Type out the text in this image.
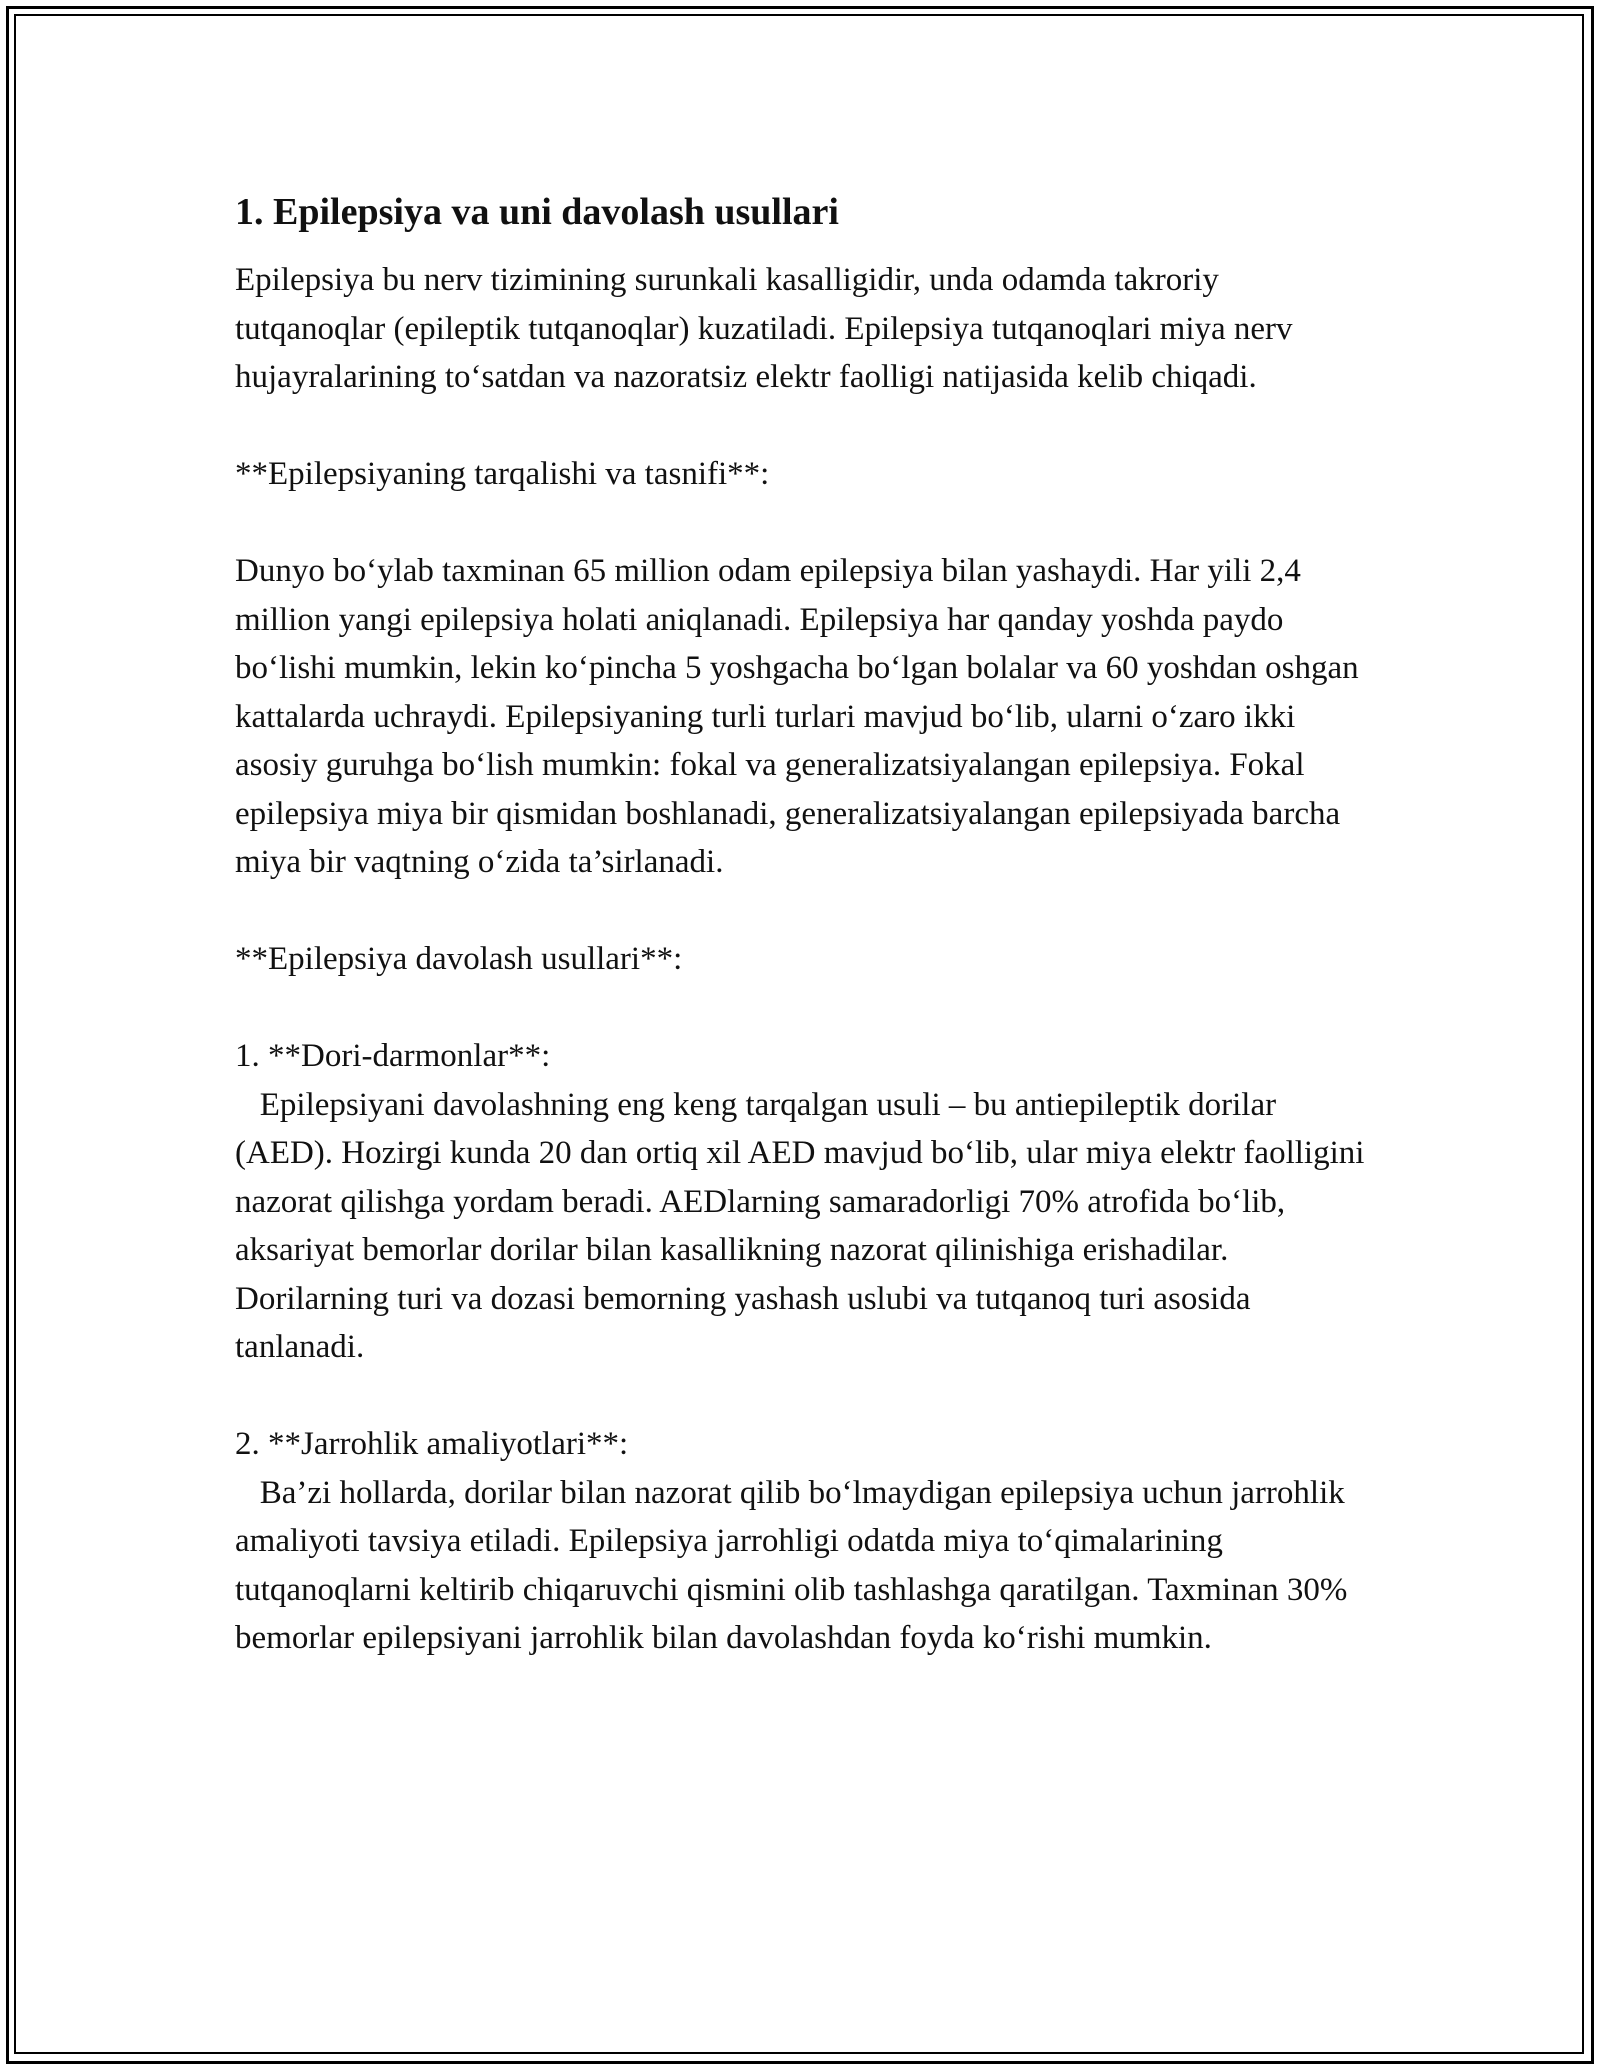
1. Epilepsiya va uni davolash usullari

Epilepsiya bu nerv tizimining surunkali kasalligidir, unda odamda takroriy tutqanoqlar (epileptik tutqanoqlar) kuzatiladi. Epilepsiya tutqanoqlari miya nerv hujayralarining to‘satdan va nazoratsiz elektr faolligi natijasida kelib chiqadi.

**Epilepsiyaning tarqalishi va tasnifi**:

Dunyo bo‘ylab taxminan 65 million odam epilepsiya bilan yashaydi. Har yili 2,4 million yangi epilepsiya holati aniqlanadi. Epilepsiya har qanday yoshda paydo bo‘lishi mumkin, lekin ko‘pincha 5 yoshgacha bo‘lgan bolalar va 60 yoshdan oshgan kattalarda uchraydi. Epilepsiyaning turli turlari mavjud bo‘lib, ularni o‘zaro ikki asosiy guruhga bo‘lish mumkin: fokal va generalizatsiyalangan epilepsiya. Fokal epilepsiya miya bir qismidan boshlanadi, generalizatsiyalangan epilepsiyada barcha miya bir vaqtning o‘zida ta’sirlanadi.

**Epilepsiya davolash usullari**:

1. **Dori-darmonlar**:
Epilepsiyani davolashning eng keng tarqalgan usuli – bu antiepileptik dorilar (AED). Hozirgi kunda 20 dan ortiq xil AED mavjud bo‘lib, ular miya elektr faolligini nazorat qilishga yordam beradi. AEDlarning samaradorligi 70% atrofida bo‘lib, aksariyat bemorlar dorilar bilan kasallikning nazorat qilinishiga erishadilar. Dorilarning turi va dozasi bemorning yashash uslubi va tutqanoq turi asosida tanlanadi.

2. **Jarrohlik amaliyotlari**:
Ba’zi hollarda, dorilar bilan nazorat qilib bo‘lmaydigan epilepsiya uchun jarrohlik amaliyoti tavsiya etiladi. Epilepsiya jarrohligi odatda miya to‘qimalarining tutqanoqlarni keltirib chiqaruvchi qismini olib tashlashga qaratilgan. Taxminan 30% bemorlar epilepsiyani jarrohlik bilan davolashdan foyda ko‘rishi mumkin.
